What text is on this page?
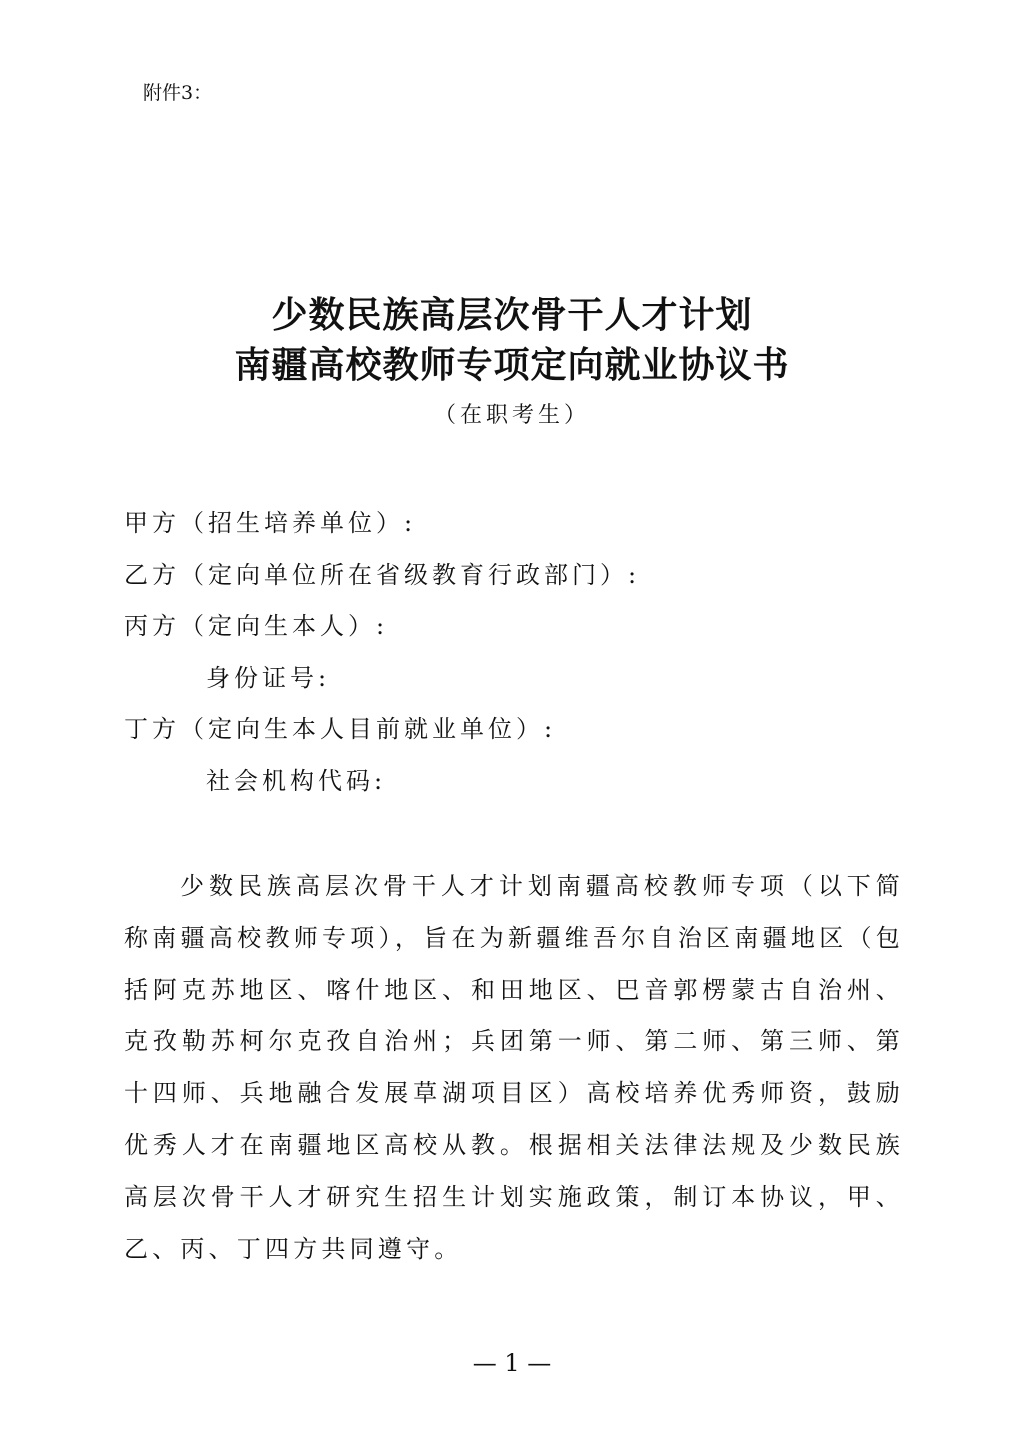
附件3：
少数民族高层次骨干人才计划
南疆高校教师专项定向就业协议书
（在职考生）
甲方（招生培养单位）:
乙方（定向单位所在省级教育行政部门）:
丙方（定向生本人）:
身份证号:
丁方（定向生本人目前就业单位）:
社会机构代码:

少数民族高层次骨干人才计划南疆高校教师专项（以下简称南疆高校教师专项），旨在为新疆维吾尔自治区南疆地区（包括阿克苏地区、喀什地区、和田地区、巴音郭楞蒙古自治州、克孜勒苏柯尔克孜自治州；兵团第一师、第二师、第三师、第十四师、兵地融合发展草湖项目区）高校培养优秀师资，鼓励优秀人才在南疆地区高校从教。根据相关法律法规及少数民族高层次骨干人才研究生招生计划实施政策，制订本协议，甲、乙、丙、丁四方共同遵守。

— 1 —
